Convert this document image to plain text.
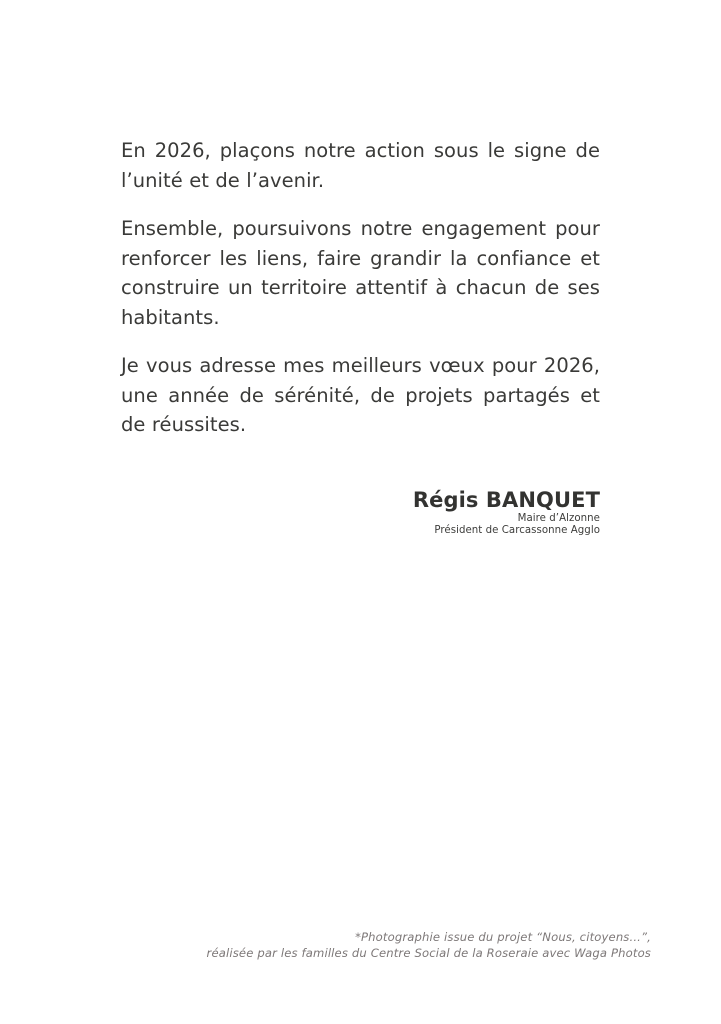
En 2026, plaçons notre action sous le signe de l’unité et de l’avenir.

Ensemble, poursuivons notre engagement pour renforcer les liens, faire grandir la confiance et construire un territoire attentif à chacun de ses habitants.

Je vous adresse mes meilleurs vœux pour 2026, une année de sérénité, de projets partagés et de réussites.

Régis BANQUET
Maire d’Alzonne
Président de Carcassonne Agglo
*Photographie issue du projet “Nous, citoyens...”,
réalisée par les familles du Centre Social de la Roseraie avec Waga Photos
